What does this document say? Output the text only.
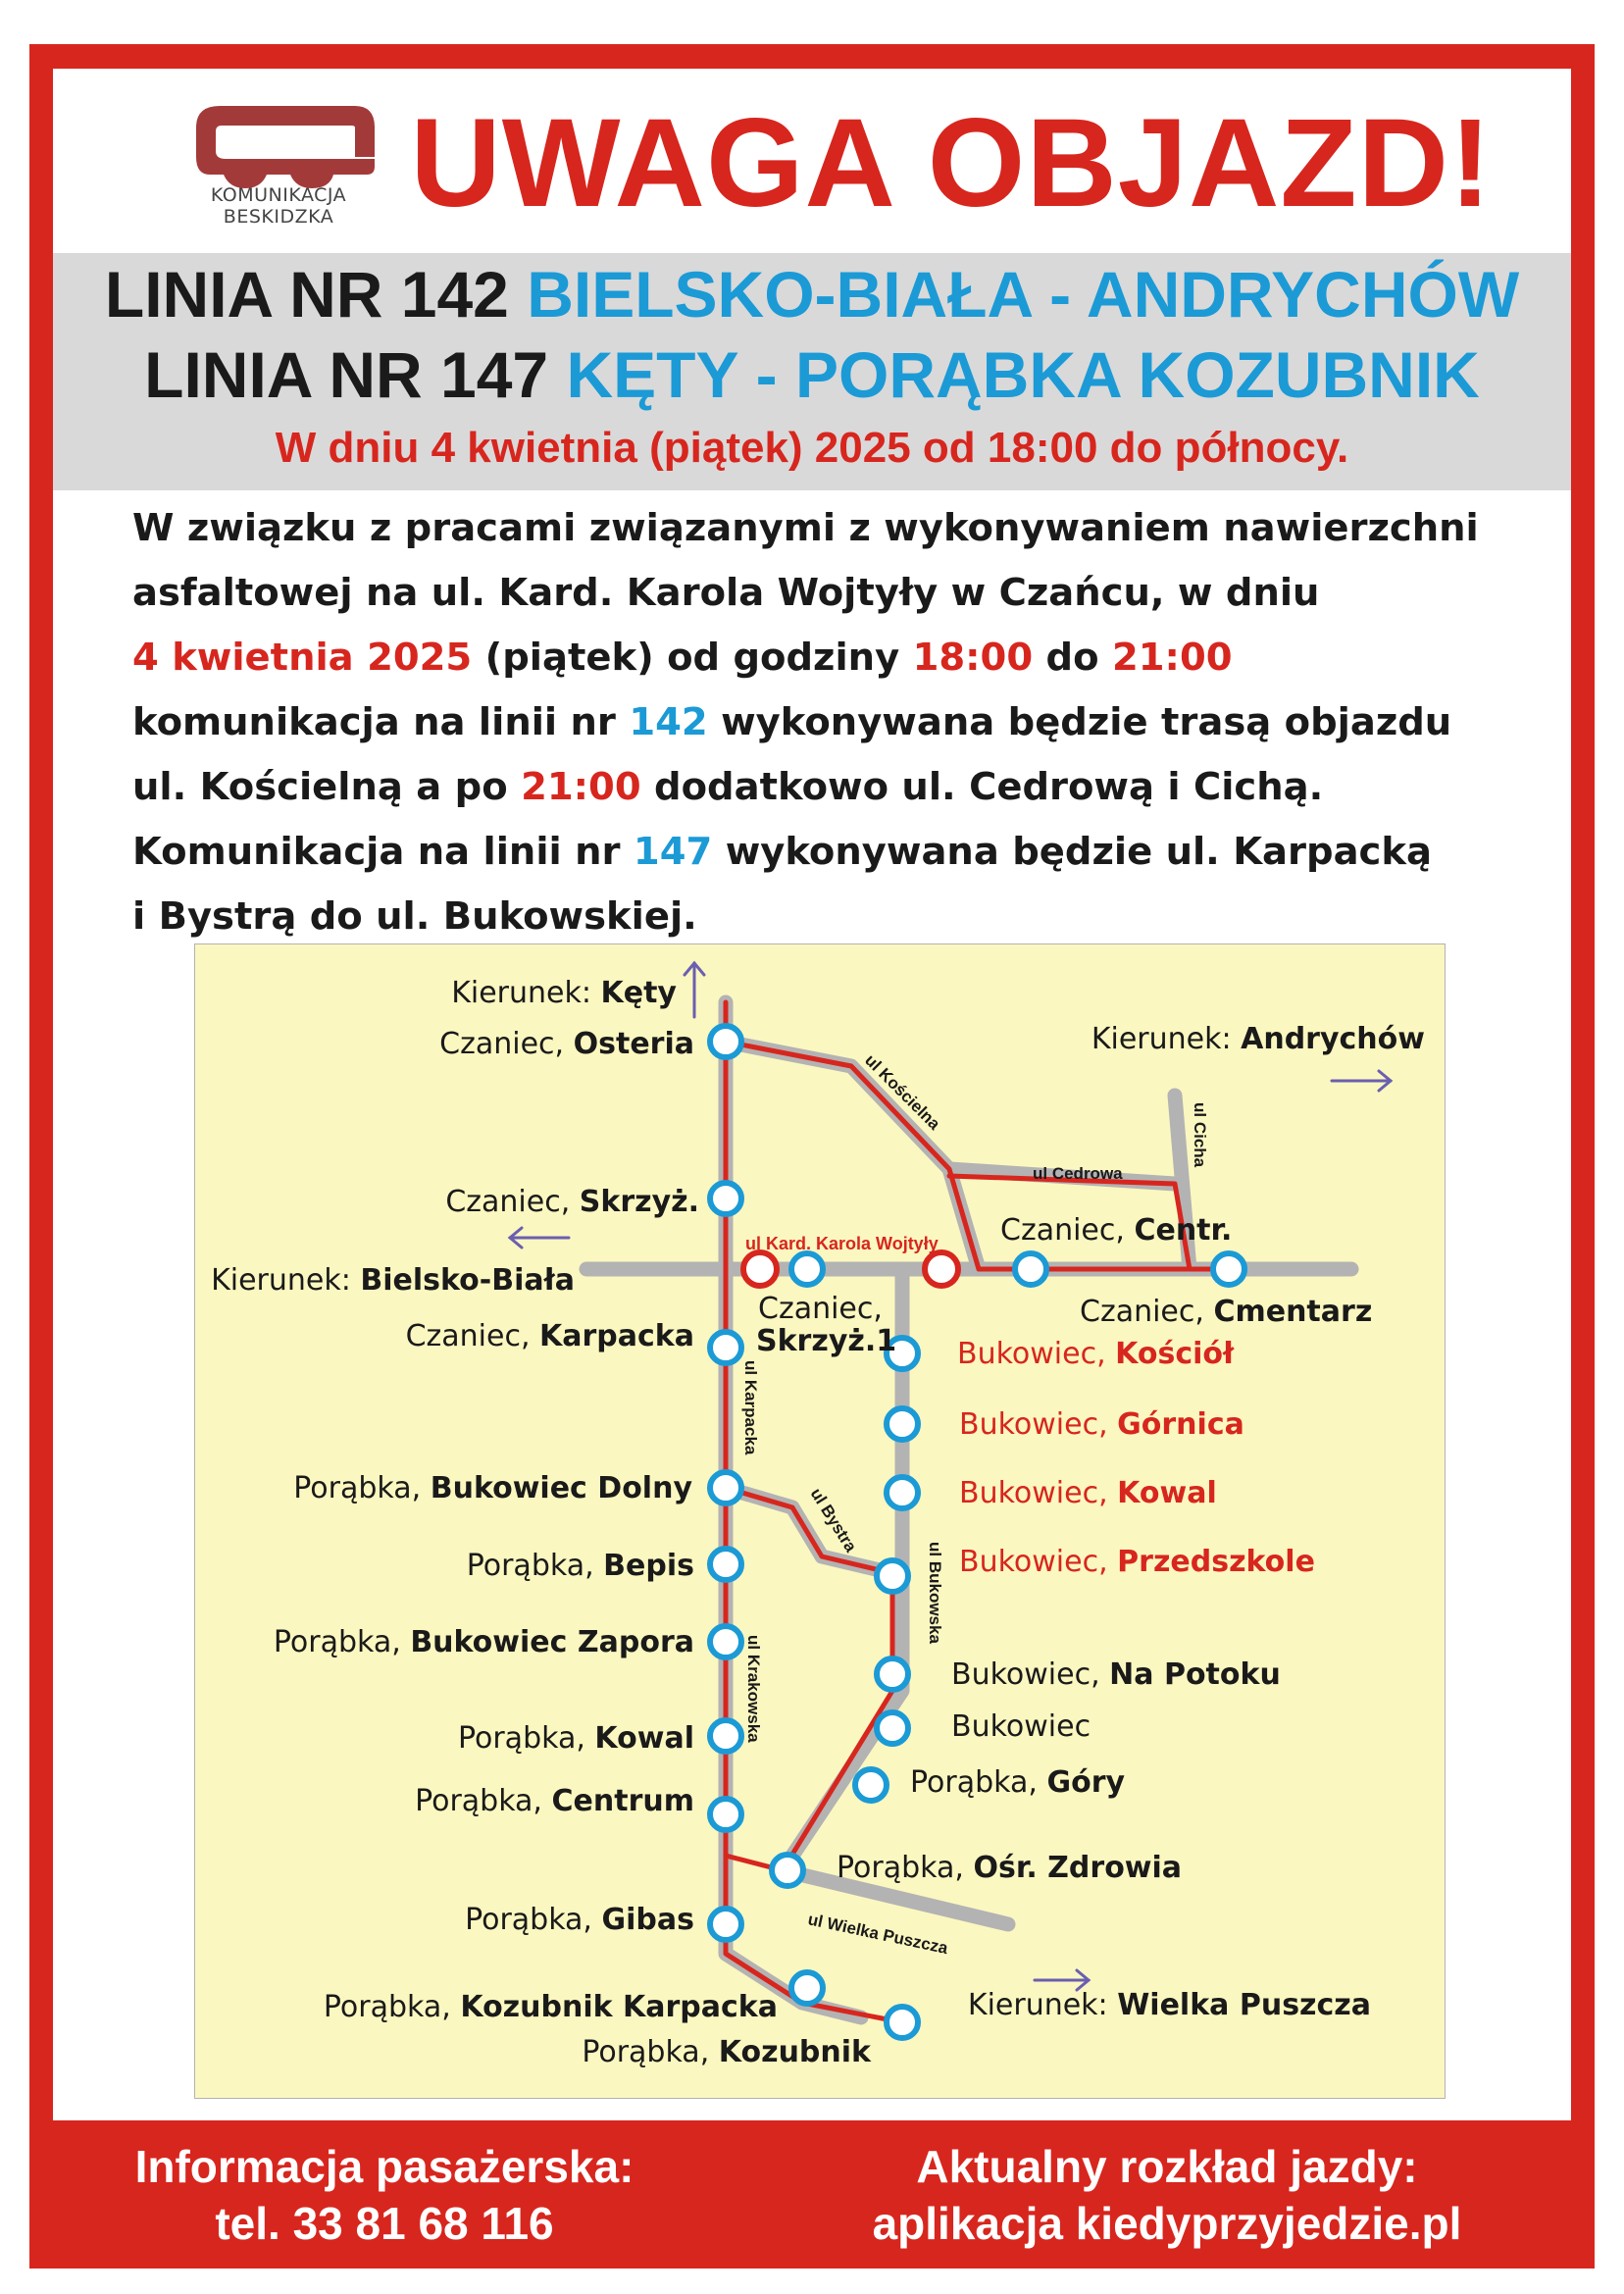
KOMUNIKACJA
BESKIDZKA UWAGA OBJAZD!
LINIA NR 142 BIELSKO-BIAŁA - ANDRYCHÓW
LINIA NR 147 KĘTY - PORĄBKA KOZUBNIK
W dniu 4 kwietnia (piątek) 2025 od 18:00 do północy.
W związku z pracami związanymi z wykonywaniem nawierzchni
asfaltowej na ul. Kard. Karola Wojtyły w Czańcu, w dniu
4 kwietnia 2025 (piątek) od godziny 18:00 do 21:00
komunikacja na linii nr 142 wykonywana będzie trasą objazdu
ul. Kościelną a po 21:00 dodatkowo ul. Cedrową i Cichą.
Komunikacja na linii nr 147 wykonywana będzie ul. Karpacką
i Bystrą do ul. Bukowskiej.
ul Kościelna
ul Cedrowa
ul Cicha
ul Kard. Karola Wojtyły
ul Karpacka
ul Bystra
ul Bukowska
ul Krakowska
ul Wielka Puszcza
Kierunek: Kęty
Kierunek: Andrychów
Kierunek: Bielsko-Biała
Kierunek: Wielka Puszcza
Czaniec, Osteria
Czaniec, Skrzyż.
Czaniec, Centr.
Czaniec, Cmentarz
Czaniec,
Skrzyż.1
Czaniec, Karpacka
Bukowiec, Kościół
Bukowiec, Górnica
Bukowiec, Kowal
Bukowiec, Przedszkole
Porąbka, Bukowiec Dolny
Porąbka, Bepis
Porąbka, Bukowiec Zapora
Bukowiec, Na Potoku
Bukowiec
Porąbka, Kowal
Porąbka, Góry
Porąbka, Centrum
Porąbka, Ośr. Zdrowia
Porąbka, Gibas
Porąbka, Kozubnik Karpacka
Porąbka, Kozubnik
Informacja pasażerska:
tel. 33 81 68 116
Aktualny rozkład jazdy:
aplikacja kiedyprzyjedzie.pl
